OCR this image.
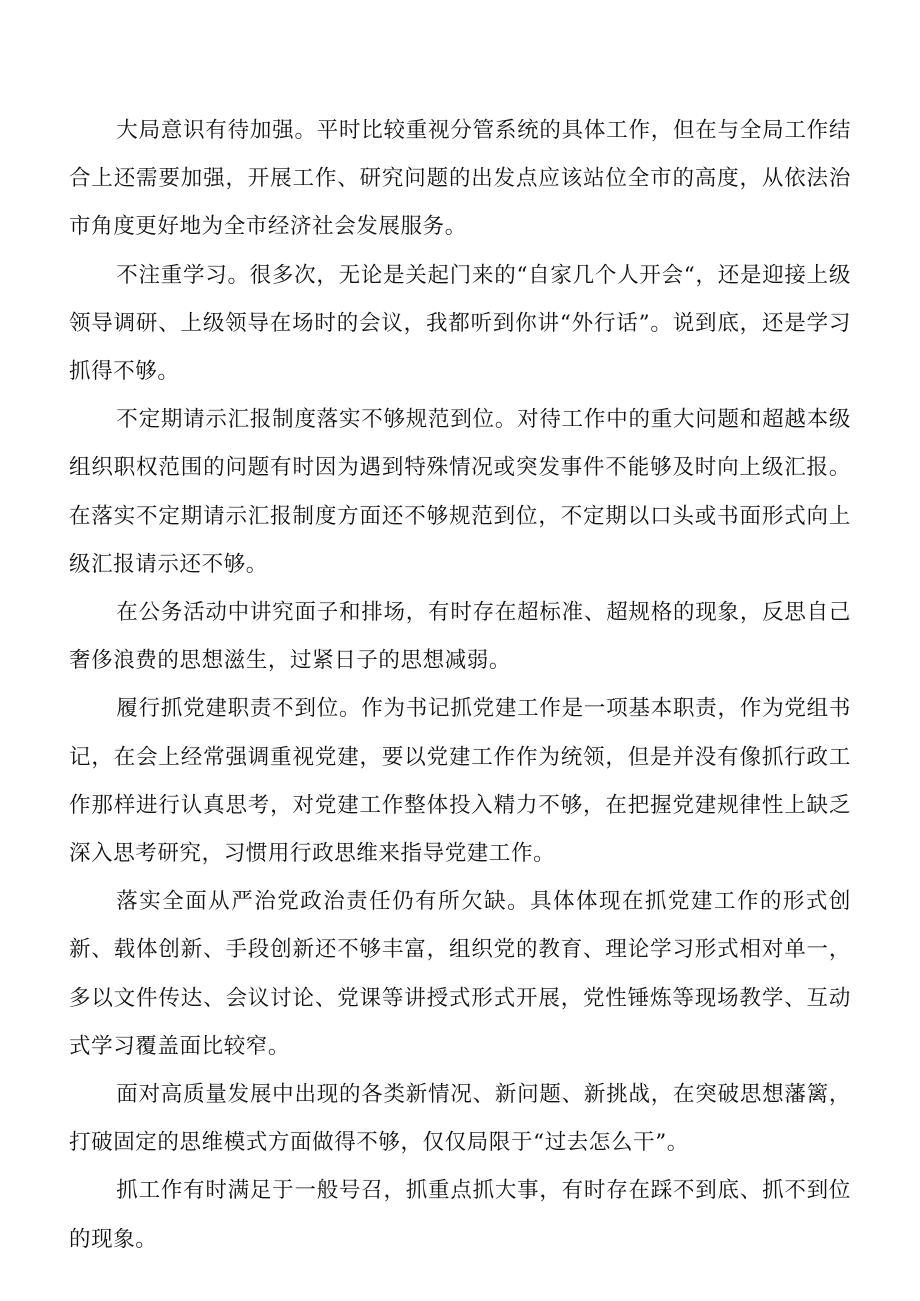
大局意识有待加强。平时比较重视分管系统的具体工作，但在与全局工作结合上还需要加强，开展工作、研究问题的出发点应该站位全市的高度，从依法治市角度更好地为全市经济社会发展服务。

不注重学习。很多次，无论是关起门来的“自家几个人开会“，还是迎接上级领导调研、上级领导在场时的会议，我都听到你讲“外行话”。说到底，还是学习抓得不够。

不定期请示汇报制度落实不够规范到位。对待工作中的重大问题和超越本级组织职权范围的问题有时因为遇到特殊情况或突发事件不能够及时向上级汇报。在落实不定期请示汇报制度方面还不够规范到位，不定期以口头或书面形式向上级汇报请示还不够。

在公务活动中讲究面子和排场，有时存在超标准、超规格的现象，反思自己奢侈浪费的思想滋生，过紧日子的思想减弱。

履行抓党建职责不到位。作为书记抓党建工作是一项基本职责，作为党组书记，在会上经常强调重视党建，要以党建工作作为统领，但是并没有像抓行政工作那样进行认真思考，对党建工作整体投入精力不够，在把握党建规律性上缺乏深入思考研究，习惯用行政思维来指导党建工作。

落实全面从严治党政治责任仍有所欠缺。具体体现在抓党建工作的形式创新、载体创新、手段创新还不够丰富，组织党的教育、理论学习形式相对单一，多以文件传达、会议讨论、党课等讲授式形式开展，党性锤炼等现场教学、互动式学习覆盖面比较窄。

面对高质量发展中出现的各类新情况、新问题、新挑战，在突破思想藩篱，打破固定的思维模式方面做得不够，仅仅局限于“过去怎么干”。

抓工作有时满足于一般号召，抓重点抓大事，有时存在踩不到底、抓不到位的现象。
